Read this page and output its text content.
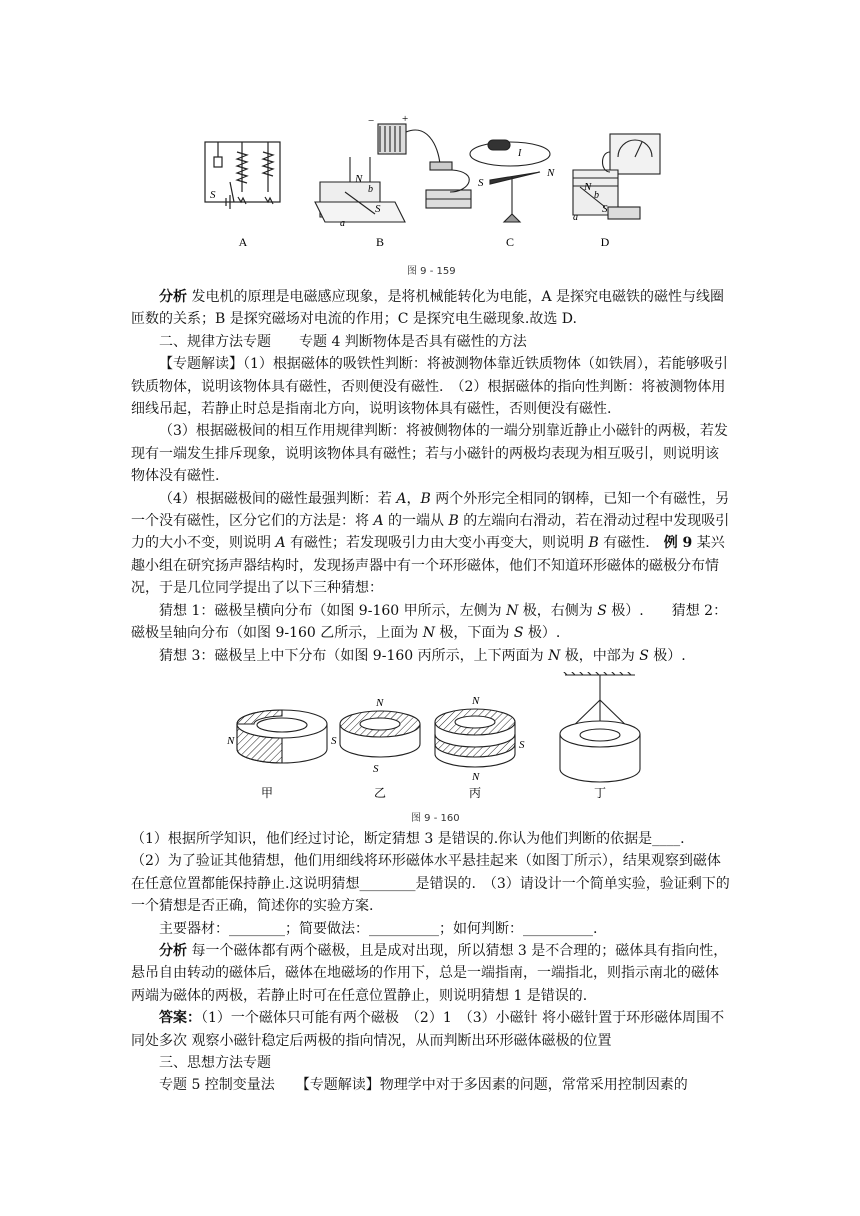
S
N
b
S
a
+
−
I
S
N
N
b
a
S
A	B	C	D
图 9 - 159

分析 发电机的原理是电磁感应现象，是将机械能转化为电能，A 是探究电磁铁的磁性与线圈匝数的关系；B 是探究磁场对电流的作用；C 是探究电生磁现象.故选 D.

二、规律方法专题　　专题 4 判断物体是否具有磁性的方法

【专题解读】（1）根据磁体的吸铁性判断：将被测物体靠近铁质物体（如铁屑），若能够吸引铁质物体，说明该物体具有磁性，否则便没有磁性.　（2）根据磁体的指向性判断：将被测物体用细线吊起，若静止时总是指南北方向，说明该物体具有磁性，否则便没有磁性.

（3）根据磁极间的相互作用规律判断：将被侧物体的一端分别靠近静止小磁针的两极，若发现有一端发生排斥现象，说明该物体具有磁性；若与小磁针的两极均表现为相互吸引，则说明该物体没有磁性.

（4）根据磁极间的磁性最强判断：若 A，B 两个外形完全相同的钢棒，已知一个有磁性，另一个没有磁性，区分它们的方法是：将 A 的一端从 B 的左端向右滑动，若在滑动过程中发现吸引力的大小不变，则说明 A 有磁性；若发现吸引力由大变小再变大，则说明 B 有磁性.　例 9 某兴趣小组在研究扬声器结构时，发现扬声器中有一个环形磁体，他们不知道环形磁体的磁极分布情况，于是几位同学提出了以下三种猜想：

猜想 1：磁极呈横向分布（如图 9-160 甲所示，左侧为 N 极，右侧为 S 极）.　　猜想 2：磁极呈轴向分布（如图 9-160 乙所示，上面为 N 极，下面为 S 极）.

猜想 3：磁极呈上中下分布（如图 9-160 丙所示，上下两面为 N 极，中部为 S 极）.

N	S
N
S
N
S
N
甲	乙	丙	丁
图 9 - 160

（1）根据所学知识，他们经过讨论，断定猜想 3 是错误的.你认为他们判断的依据是____.

（2）为了验证其他猜想，他们用细线将环形磁体水平悬挂起来（如图丁所示），结果观察到磁体在任意位置都能保持静止.这说明猜想________是错误的.　（3）请设计一个简单实验，验证剩下的一个猜想是否正确，简述你的实验方案.

主要器材：________；简要做法：__________；如何判断：__________.

分析 每一个磁体都有两个磁极，且是成对出现，所以猜想 3 是不合理的；磁体具有指向性，悬吊自由转动的磁体后，磁体在地磁场的作用下，总是一端指南，一端指北，则指示南北的磁体两端为磁体的两极，若静止时可在任意位置静止，则说明猜想 1 是错误的.

答案：（1）一个磁体只可能有两个磁极　（2）1　（3）小磁针 将小磁针置于环形磁体周围不同处多次 观察小磁针稳定后两极的指向情况，从而判断出环形磁体磁极的位置

三、思想方法专题

专题 5 控制变量法　　【专题解读】物理学中对于多因素的问题，常常采用控制因素的
